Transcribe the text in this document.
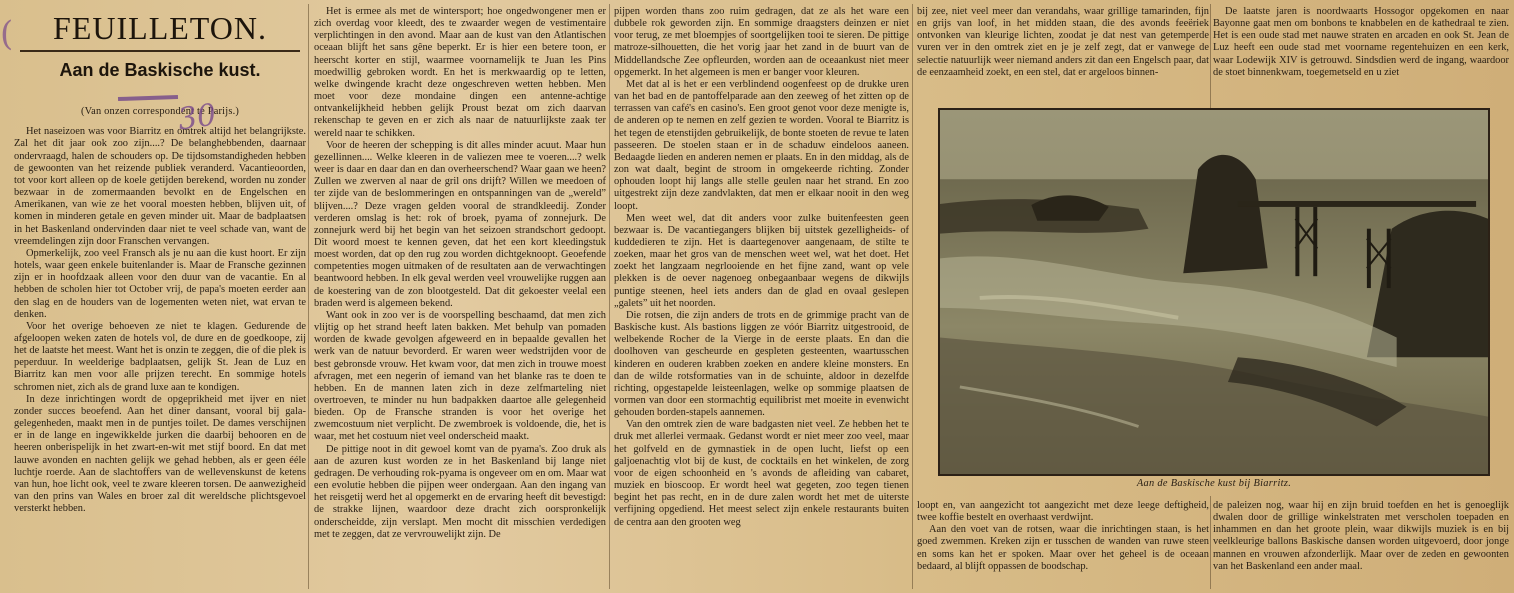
FEUILLETON.
Aan de Baskische kust.
(Van onzen correspondent te Parijs.)

Het naseizoen was voor Biarritz en omtrek altijd het belangrijkste. Zal het dit jaar ook zoo zijn....? De belanghebbenden, daarnaar ondervraagd, halen de schouders op. De tijdsomstandigheden hebben de gewoonten van het reizende publiek veranderd. Vacantieoorden, tot voor kort alleen op de koele getijden berekend, worden nu zonder bezwaar in de zomermaanden bevolkt en de Engelschen en Amerikanen, van wie ze het vooral moesten hebben, blijven uit, of komen in minderen getale en geven minder uit. Maar de badplaatsen in het Baskenland ondervinden daar niet te veel schade van, want de vreemdelingen zijn door Franschen vervangen.

Opmerkelijk, zoo veel Fransch als je nu aan die kust hoort. Er zijn hotels, waar geen enkele buitenlander is. Maar de Fransche gezinnen zijn er in hoofdzaak alleen voor den duur van de vacantie. En al hebben de scholen hier tot October vrij, de papa's moeten eerder aan den slag en de houders van de logementen weten niet, wat ervan te denken.

Voor het overige behoeven ze niet te klagen. Gedurende de afgeloopen weken zaten de hotels vol, de dure en de goedkoope, zij het de laatste het meest. Want het is onzin te zeggen, die of die plek is peperduur. In weelderige badplaatsen, gelijk St. Jean de Luz en Biarritz kan men voor alle prijzen terecht. En sommige hotels schromen niet, zich als de grand luxe aan te kondigen.

In deze inrichtingen wordt de opgeprikheid met ijver en niet zonder succes beoefend. Aan het diner dansant, vooral bij gala-gelegenheden, maakt men in de puntjes toilet. De dames verschijnen er in de lange en ingewikkelde jurken die daarbij behooren en de heeren onberispelijk in het zwart-en-wit met stijf boord. En dat met lauwe avonden en nachten gelijk we gehad hebben, als er geen ééle luchtje roerde. Aan de slachtoffers van de wellevenskunst de ketens van hun, hoe licht ook, veel te zware kleeren torsen. De aanwezigheid van den prins van Wales en broer zal dit wereldsche plichtsgevoel versterkt hebben.

(
30

Het is ermee als met de wintersport; hoe ongedwongener men er zich overdag voor kleedt, des te zwaarder wegen de vestimentaire verplichtingen in den avond. Maar aan de kust van den Atlantischen oceaan blijft het sans gêne beperkt. Er is hier een betere toon, er heerscht korter en stijl, waarmee voornamelijk te Juan les Pins moedwillig gebroken wordt. En het is merkwaardig op te letten, welke dwingende kracht deze ongeschreven wetten hebben. Men moet voor deze mondaine dingen een antenne-achtige ontvankelijkheid hebben gelijk Proust bezat om zich daarvan rekenschap te geven en er zich als naar de natuurlijkste zaak ter wereld naar te schikken.

Voor de heeren der schepping is dit alles minder acuut. Maar hun gezellinnen.... Welke kleeren in de valiezen mee te voeren....? welk weer is daar en daar dan en dan overheerschend? Waar gaan we heen? Zullen we zwerven al naar de gril ons drijft? Willen we meedoen of ter zijde van de beslommeringen en ontspanningen van de „wereld” blijven....? Deze vragen gelden vooral de strandkleedij. Zonder verderen omslag is het: rok of broek, pyama of zonnejurk. De zonnejurk werd bij het begin van het seizoen strandschort gedoopt. Dit woord moest te kennen geven, dat het een kort kleedingstuk moest worden, dat op den rug zou worden dichtgeknoopt. Geoefende competenties mogen uitmaken of de resultaten aan de verwachtingen beantwoord hebben. In elk geval werden veel vrouwelijke ruggen aan de koestering van de zon blootgesteld. Dat dit gekoester veelal een braden werd is algemeen bekend.

Want ook in zoo ver is de voorspelling beschaamd, dat men zich vlijtig op het strand heeft laten bakken. Met behulp van pomaden worden de kwade gevolgen afgeweerd en in bepaalde gevallen het werk van de natuur bevorderd. Er waren weer wedstrijden voor de best gebronsde vrouw. Het kwam voor, dat men zich in trouwe moest afvragen, met een negerin of iemand van het blanke ras te doen te hebben. En de mannen laten zich in deze zelfmarteling niet overtroeven, te minder nu hun badpakken daartoe alle gelegenheid bieden. Op de Fransche stranden is voor het overige het zwemcostuum niet verplicht. De zwembroek is voldoende, die, het is waar, met het costuum niet veel onderscheid maakt.

De pittige noot in dit gewoel komt van de pyama's. Zoo druk als aan de azuren kust worden ze in het Baskenland bij lange niet gedragen. De verhouding rok-pyama is ongeveer om en om. Maar wat een evolutie hebben die pijpen weer ondergaan. Aan den ingang van het reisgetij werd het al opgemerkt en de ervaring heeft dit bevestigd: de strakke lijnen, waardoor deze dracht zich oorspronkelijk onderscheidde, zijn verslapt. Men mocht dit misschien verdedigen met te zeggen, dat ze vervrouwelijkt zijn. De

pijpen worden thans zoo ruim gedragen, dat ze als het ware een dubbele rok geworden zijn. En sommige draagsters deinzen er niet voor terug, ze met bloempjes of soortgelijken tooi te sieren. De pittige matroze-silhouetten, die het vorig jaar het zand in de buurt van de Middellandsche Zee opfleurden, worden aan de oceaankust niet meer opgemerkt. In het algemeen is men er banger voor kleuren.

Met dat al is het er een verblindend oogenfeest op de drukke uren van het bad en de pantoffelparade aan den zeeweg of het zitten op de terrassen van café's en casino's. Een groot genot voor deze menigte is, de anderen op te nemen en zelf gezien te worden. Vooral te Biarritz is het tegen de etenstijden gebruikelijk, de bonte stoeten de revue te laten passeeren. De stoelen staan er in de schaduw eindeloos aaneen. Bedaagde lieden en anderen nemen er plaats. En in den middag, als de zon wat daalt, begint de stroom in omgekeerde richting. Zonder ophouden loopt hij langs alle stelle geulen naar het strand. En zoo uitgestrekt zijn deze zandvlakten, dat men er elkaar nooit in den weg loopt.

Men weet wel, dat dit anders voor zulke buitenfeesten geen bezwaar is. De vacantiegangers blijken bij uitstek gezelligheids- of kuddedieren te zijn. Het is daartegenover aangenaam, de stilte te zoeken, maar het gros van de menschen weet wel, wat het doet. Het zoekt het langzaam negrlooiende en het fijne zand, want op vele plekken is de oever nagenoeg onbegaanbaar wegens de dikwijls puntige steenen, heel iets anders dan de glad en ovaal geslepen „galets” uit het noorden.

Die rotsen, die zijn anders de trots en de grimmige pracht van de Baskische kust. Als bastions liggen ze vóór Biarritz uitgestrooid, de welbekende Rocher de la Vierge in de eerste plaats. En dan die doolhoven van gescheurde en gespleten gesteenten, waartusschen kinderen en ouderen krabben zoeken en andere kleine monsters. En dan de wilde rotsformaties van in de schuinte, aldoor in dezelfde richting, opgestapelde leisteenlagen, welke op sommige plaatsen de vormen van door een stormachtig equilibrist met moeite in evenwicht gehouden borden-stapels aannemen.

Van den omtrek zien de ware badgasten niet veel. Ze hebben het te druk met allerlei vermaak. Gedanst wordt er niet meer zoo veel, maar het golfveld en de gymnastiek in de open lucht, liefst op een galjoenachtig vlot bij de kust, de cocktails en het winkelen, de zorg voor de eigen schoonheid en 's avonds de afleiding van cabaret, muziek en bioscoop. Er wordt heel wat gegeten, zoo tegen tienen begint het pas recht, en in de dure zalen wordt het met de uiterste verfijning opgediend. Het meest select zijn enkele restaurants buiten de centra aan den grooten weg

bij zee, niet veel meer dan verandahs, waar grillige tamarinden, fijn en grijs van loof, in het midden staan, die des avonds feeëriek ontvonken van kleurige lichten, zoodat je dat nest van getemperde vuren ver in den omtrek ziet en je je zelf zegt, dat er vanwege de selectie natuurlijk weer niemand anders zit dan een Engelsch paar, dat de eenzaamheid zoekt, en een stel, dat er argeloos binnen-

De laatste jaren is noordwaarts Hossogor opgekomen en naar Bayonne gaat men om bonbons te knabbelen en de kathedraal te zien. Het is een oude stad met nauwe straten en arcaden en ook St. Jean de Luz heeft een oude stad met voorname regentehuizen en een kerk, waar Lodewijk XIV is getrouwd. Sindsdien werd de ingang, waardoor de stoet binnenkwam, toegemetseld en u ziet

Aan de Baskische kust bij Biarritz.

loopt en, van aangezicht tot aangezicht met deze leege deftigheid, twee koffie bestelt en overhaast verdwijnt.

Aan den voet van de rotsen, waar die inrichtingen staan, is het goed zwemmen. Kreken zijn er tusschen de wanden van ruwe steen en soms kan het er spoken. Maar over het geheel is de oceaan bedaard, al blijft oppassen de boodschap.

de paleizen nog, waar hij en zijn bruid toefden en het is genoeglijk dwalen door de grillige winkelstraten met verscholen toepaden en inhammen en dan het groote plein, waar dikwijls muziek is en bij veelkleurige ballons Baskische dansen worden uitgevoerd, door jonge mannen en vrouwen afzonderlijk. Maar over de zeden en gewoonten van het Baskenland een ander maal.
